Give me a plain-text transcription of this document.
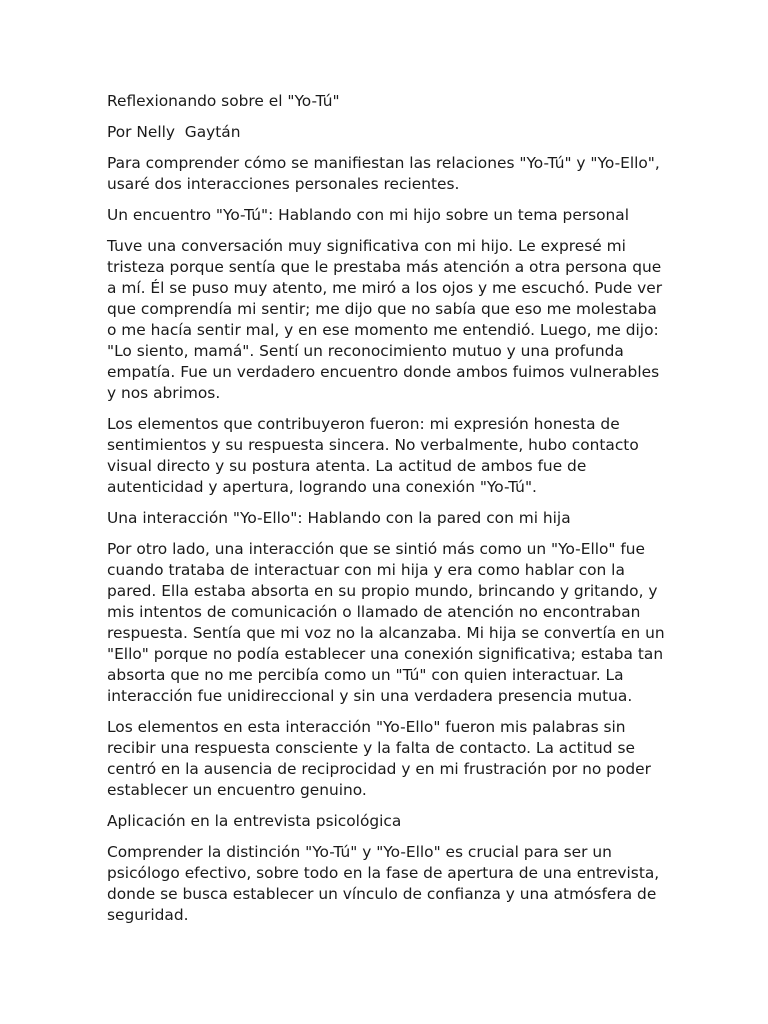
Reflexionando sobre el "Yo-Tú"

Por Nelly  Gaytán

Para comprender cómo se manifiestan las relaciones "Yo-Tú" y "Yo-Ello", usaré dos interacciones personales recientes.

Un encuentro "Yo-Tú": Hablando con mi hijo sobre un tema personal

Tuve una conversación muy significativa con mi hijo. Le expresé mi tristeza porque sentía que le prestaba más atención a otra persona que a mí. Él se puso muy atento, me miró a los ojos y me escuchó. Pude ver que comprendía mi sentir; me dijo que no sabía que eso me molestaba o me hacía sentir mal, y en ese momento me entendió. Luego, me dijo: "Lo siento, mamá". Sentí un reconocimiento mutuo y una profunda empatía. Fue un verdadero encuentro donde ambos fuimos vulnerables y nos abrimos.

Los elementos que contribuyeron fueron: mi expresión honesta de sentimientos y su respuesta sincera. No verbalmente, hubo contacto visual directo y su postura atenta. La actitud de ambos fue de autenticidad y apertura, logrando una conexión "Yo-Tú".

Una interacción "Yo-Ello": Hablando con la pared con mi hija

Por otro lado, una interacción que se sintió más como un "Yo-Ello" fue cuando trataba de interactuar con mi hija y era como hablar con la pared. Ella estaba absorta en su propio mundo, brincando y gritando, y mis intentos de comunicación o llamado de atención no encontraban respuesta. Sentía que mi voz no la alcanzaba. Mi hija se convertía en un "Ello" porque no podía establecer una conexión significativa; estaba tan absorta que no me percibía como un "Tú" con quien interactuar. La interacción fue unidireccional y sin una verdadera presencia mutua.

Los elementos en esta interacción "Yo-Ello" fueron mis palabras sin recibir una respuesta consciente y la falta de contacto. La actitud se centró en la ausencia de reciprocidad y en mi frustración por no poder establecer un encuentro genuino.

Aplicación en la entrevista psicológica

Comprender la distinción "Yo-Tú" y "Yo-Ello" es crucial para ser un psicólogo efectivo, sobre todo en la fase de apertura de una entrevista, donde se busca establecer un vínculo de confianza y una atmósfera de seguridad.
